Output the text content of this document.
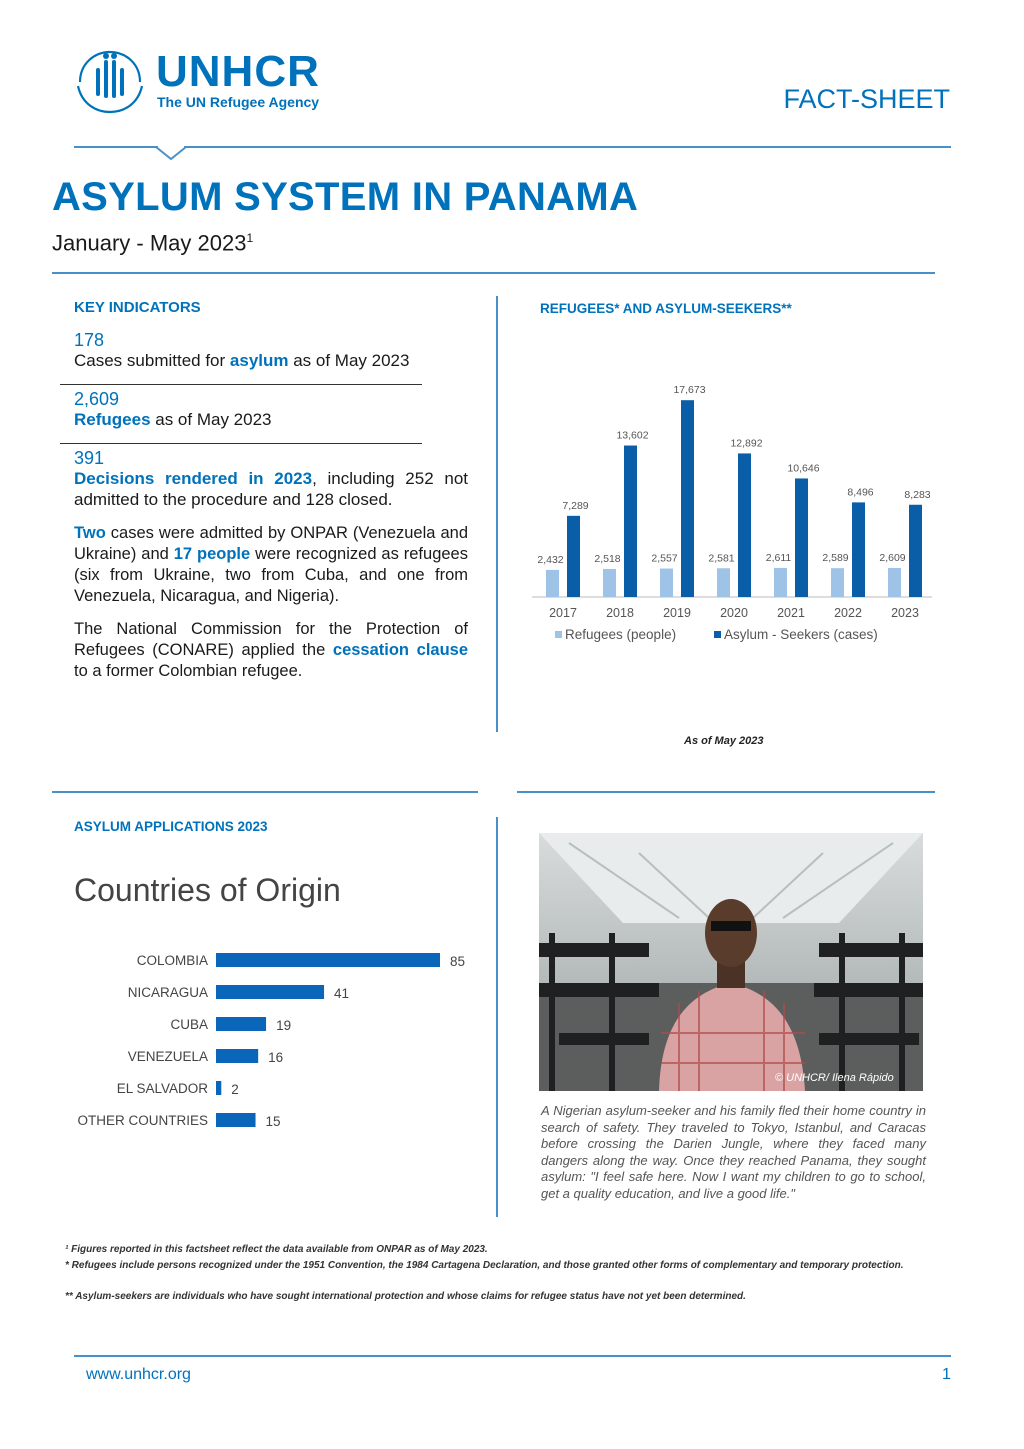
UNHCR
The UN Refugee Agency	FACT-SHEET
ASYLUM SYSTEM IN PANAMA
January - May 2023$^1$
KEY INDICATORS
178
Cases submitted for asylum as of May 2023
2,609
Refugees as of May 2023
391
Decisions rendered in 2023, including 252 not admitted to the procedure and 128 closed.
Two cases were admitted by ONPAR (Venezuela and Ukraine) and 17 people were recognized as refugees (six from Ukraine, two from Cuba, and one from Venezuela, Nicaragua, and Nigeria).
The National Commission for the Protection of Refugees (CONARE) applied the cessation clause to a former Colombian refugee.
REFUGEES* AND ASYLUM-SEEKERS**
2,432
7,289
2017
2,518
13,602
2018
2,557
17,673
2019
2,581
12,892
2020
2,611
10,646
2021
2,589
8,496
2022
2,609
8,283
2023
Refugees (people)	Asylum - Seekers (cases)
As of May 2023
ASYLUM APPLICATIONS 2023
Countries of Origin
COLOMBIA	85
NICARAGUA	41
CUBA	19
VENEZUELA	16
EL SALVADOR 2
OTHER COUNTRIES	15
© UNHCR/ Ilena Rápido
A Nigerian asylum-seeker and his family fled their home country in search of safety. They traveled to Tokyo, Istanbul, and Caracas before crossing the Darien Jungle, where they faced many dangers along the way. Once they reached Panama, they sought asylum: "I feel safe here. Now I want my children to go to school, get a quality education, and live a good life."
¹ Figures reported in this factsheet reflect the data available from ONPAR as of May 2023.
* Refugees include persons recognized under the 1951 Convention, the 1984 Cartagena Declaration, and those granted other forms of complementary and temporary protection.
** Asylum-seekers are individuals who have sought international protection and whose claims for refugee status have not yet been determined.
www.unhcr.org	1
